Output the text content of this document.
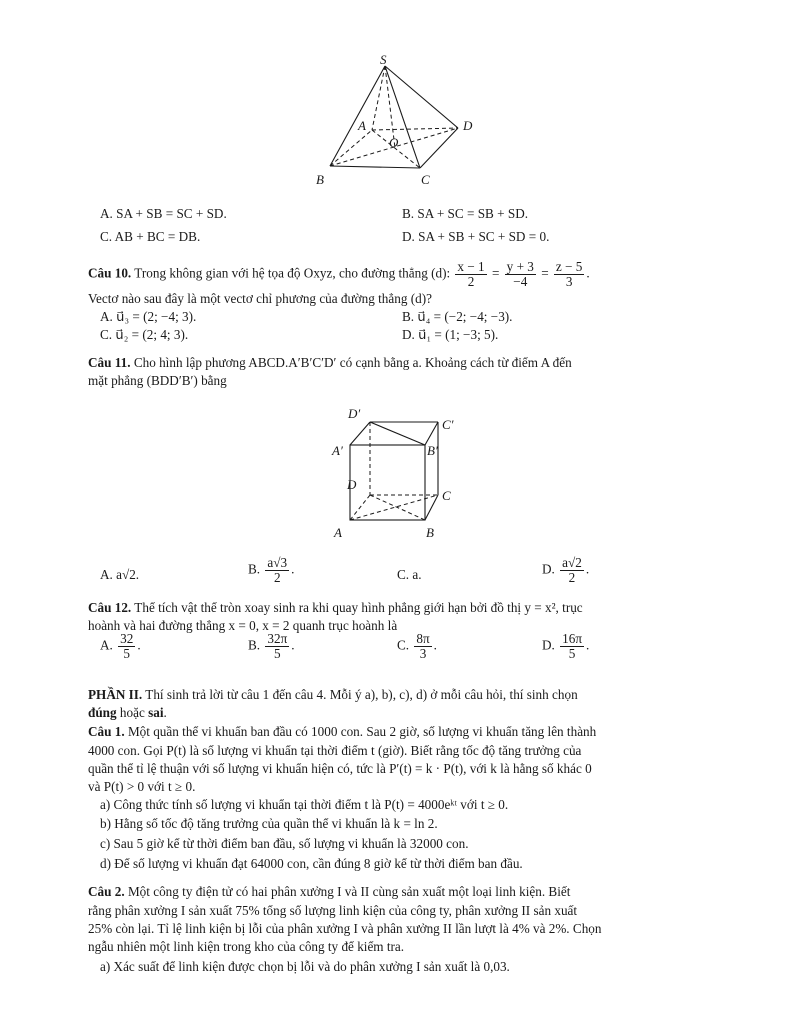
S
A	D
O
B	C
A. SA + SB = SC + SD.	B. SA + SC = SB + SD.
C. AB + BC = DB.	D. SA + SB + SC + SD = 0.
Câu 10. Trong không gian với hệ tọa độ Oxyz, cho đường thẳng (d): $\frac{x - 1}{2} = \frac{y + 3}{-4} = \frac{z - 5}{3}$ .
Vectơ nào sau đây là một vectơ chỉ phương của đường thẳng (d)?
A. u⃗₃ = (2; −4; 3).	B. u⃗₄ = (−2; −4; −3).
C. u⃗₂ = (2; 4; 3).	D. u⃗₁ = (1; −3; 5).
Câu 11. Cho hình lập phương ABCD.A′B′C′D′ có cạnh bằng a. Khoảng cách từ điểm A đến
mặt phẳng (BDD′B′) bằng
D′
C′
A′	B′
D
C
A	B
A. a√2.	B. $\frac{a√3}{2}$ .	C. a.	D. $\frac{a√2}{2}$ .
Câu 12. Thể tích vật thể tròn xoay sinh ra khi quay hình phẳng giới hạn bởi đồ thị y = x², trục
hoành và hai đường thẳng x = 0, x = 2 quanh trục hoành là
A. $\frac{32}{5}$ .	B. $\frac{32\pi}{5}$ .	C. $\frac{8\pi}{3}$ .	D. $\frac{16\pi}{5}$ .
PHẦN II. Thí sinh trả lời từ câu 1 đến câu 4. Mỗi ý a), b), c), d) ở mỗi câu hỏi, thí sinh chọn
đúng hoặc sai.
Câu 1. Một quần thể vi khuẩn ban đầu có 1000 con. Sau 2 giờ, số lượng vi khuẩn tăng lên thành
4000 con. Gọi P(t) là số lượng vi khuẩn tại thời điểm t (giờ). Biết rằng tốc độ tăng trưởng của
quần thể tỉ lệ thuận với số lượng vi khuẩn hiện có, tức là P′(t) = k · P(t), với k là hằng số khác 0
và P(t) > 0 với t ≥ 0.
a) Công thức tính số lượng vi khuẩn tại thời điểm t là P(t) = 4000eᵏᵗ với t ≥ 0.
b) Hằng số tốc độ tăng trưởng của quần thể vi khuẩn là k = ln 2.
c) Sau 5 giờ kể từ thời điểm ban đầu, số lượng vi khuẩn là 32000 con.
d) Để số lượng vi khuẩn đạt 64000 con, cần đúng 8 giờ kể từ thời điểm ban đầu.
Câu 2. Một công ty điện tử có hai phân xưởng I và II cùng sản xuất một loại linh kiện. Biết
rằng phân xưởng I sản xuất 75% tổng số lượng linh kiện của công ty, phân xưởng II sản xuất
25% còn lại. Tỉ lệ linh kiện bị lỗi của phân xưởng I và phân xưởng II lần lượt là 4% và 2%. Chọn
ngẫu nhiên một linh kiện trong kho của công ty để kiểm tra.
a) Xác suất để linh kiện được chọn bị lỗi và do phân xưởng I sản xuất là 0,03.
